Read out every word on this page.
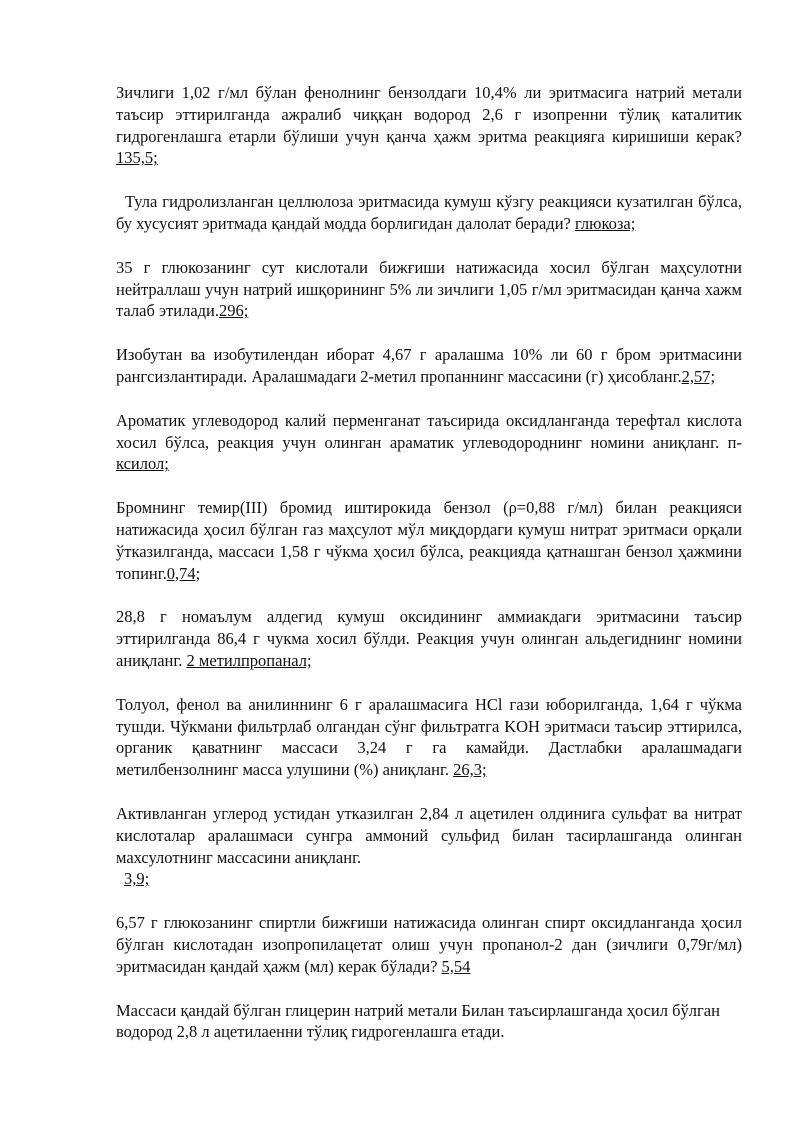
Зичлиги 1,02 г/мл бўлан фенолнинг бензолдаги 10,4% ли эритмасига натрий метали таъсир эттирилганда ажралиб чиққан водород 2,6 г изопренни тўлиқ каталитик гидрогенлашга етарли бўлиши учун қанча ҳажм эритма реакцияга киришиши керак? 135,5;

Тула гидролизланган целлюлоза эритмасида кумуш кўзгу реакцияси кузатилган бўлса, бу хусусият эритмада қандай модда борлигидан далолат беради? глюкоза;

35 г глюкозанинг сут кислотали бижғиши натижасида хосил бўлган маҳсулотни нейтраллаш учун натрий ишқорининг 5% ли зичлиги 1,05 г/мл эритмасидан қанча хажм талаб этилади.296;

Изобутан ва изобутилендан иборат 4,67 г аралашма 10% ли 60 г бром эритмасини рангсизлантиради. Аралашмадаги 2-метил пропаннинг массасини (г) ҳисобланг.2,57;

Ароматик углеводород калий перменганат таъсирида оксидланганда терефтал кислота хосил бўлса, реакция учун олинган араматик углеводороднинг номини аниқланг. п-ксилол;

Бромнинг темир(III) бромид иштирокида бензол (ρ=0,88 г/мл) билан реакцияси натижасида ҳосил бўлган газ маҳсулот мўл миқдордаги кумуш нитрат эритмаси орқали ўтказилганда, массаси 1,58 г чўкма ҳосил бўлса, реакцияда қатнашган бензол ҳажмини топинг.0,74;

28,8 г номаълум алдегид кумуш оксидининг аммиакдаги эритмасини таъсир эттирилганда 86,4 г чукма хосил бўлди. Реакция учун олинган альдегиднинг номини аниқланг. 2 метилпропанал;

Толуол, фенол ва анилиннинг 6 г аралашмасига HCl гази юборилганда, 1,64 г чўкма тушди. Чўкмани фильтрлаб олгандан сўнг фильтратга KOH эритмаси таъсир эттирилса, органик қаватнинг массаси 3,24 г га камайди. Дастлабки аралашмадаги метилбензолнинг масса улушини (%) аниқланг. 26,3;

Активланган углерод устидан утказилган 2,84 л ацетилен олдинига сульфат ва нитрат кислоталар аралашмаси сунгра аммоний сульфид билан тасирлашганда олинган махсулотнинг массасини аниқланг.
3,9;

6,57 г глюкозанинг спиртли бижғиши натижасида олинган спирт оксидланганда ҳосил бўлган кислотадан изопропилацетат олиш учун пропанол-2 дан (зичлиги 0,79г/мл) эритмасидан қандай ҳажм (мл) керак бўлади? 5,54

Массаси қандай бўлган глицерин натрий метали Билан таъсирлашганда ҳосил бўлган водород 2,8 л ацетилаенни тўлиқ гидрогенлашга етади.
